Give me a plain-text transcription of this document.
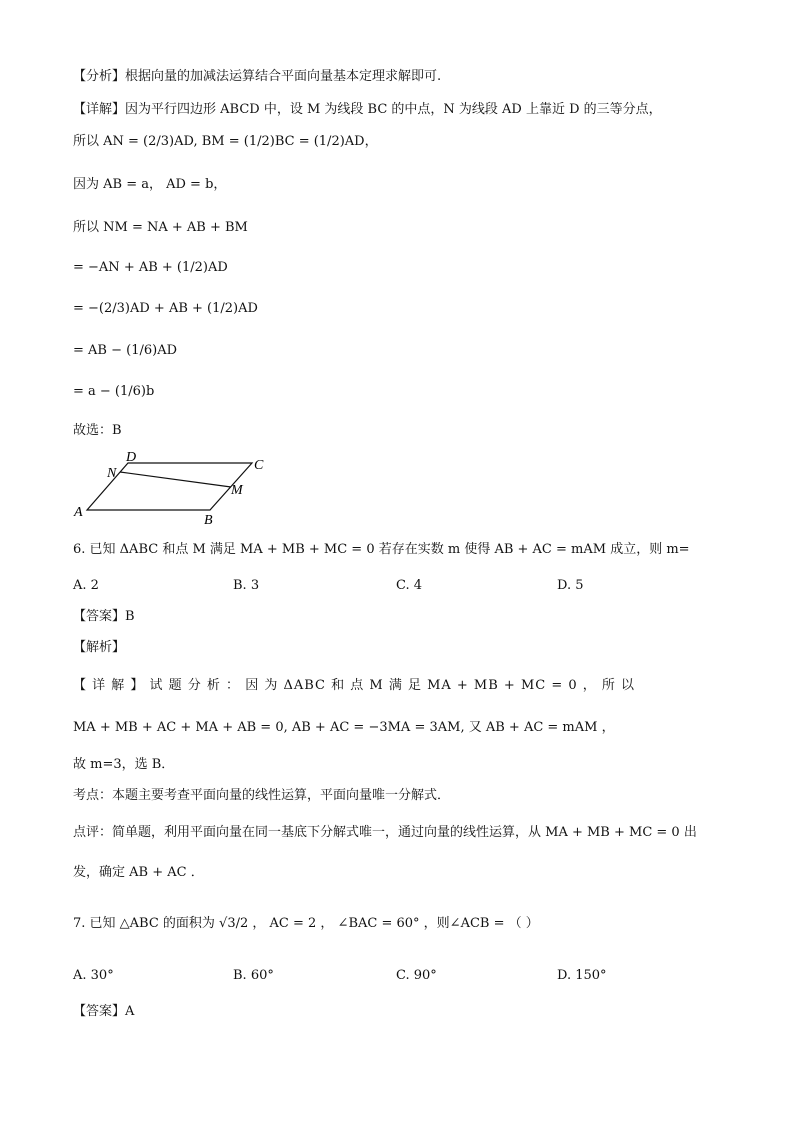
【分析】根据向量的加减法运算结合平面向量基本定理求解即可.
【详解】因为平行四边形 ABCD 中，设 M 为线段 BC 的中点，N 为线段 AD 上靠近 D 的三等分点，
所以 AN = (2/3)AD, BM = (1/2)BC = (1/2)AD，
因为 AB = a， AD = b，
所以 NM = NA + AB + BM
= −AN + AB + (1/2)AD
= −(2/3)AD + AB + (1/2)AD
= AB − (1/6)AD
= a − (1/6)b
故选：B
A
B
C
D
N
M
6. 已知 ΔABC 和点 M 满足 MA + MB + MC = 0 若存在实数 m 使得 AB + AC = mAM 成立，则 m=
A. 2	B. 3	C. 4	D. 5
【答案】B
【解析】
【 详 解 】 试 题 分 析 ： 因 为 ΔABC 和 点 M 满 足 MA + MB + MC = 0 ， 所 以
MA + MB + AC + MA + AB = 0, AB + AC = −3MA = 3AM, 又 AB + AC = mAM ，
故 m=3，选 B．
考点：本题主要考查平面向量的线性运算，平面向量唯一分解式．
点评：简单题，利用平面向量在同一基底下分解式唯一，通过向量的线性运算，从 MA + MB + MC = 0 出
发，确定 AB + AC ．
7. 已知 △ABC 的面积为 √3/2 ， AC = 2 ， ∠BAC = 60° ，则∠ACB = （ ）
A. 30°	B. 60°	C. 90°	D. 150°
【答案】A
